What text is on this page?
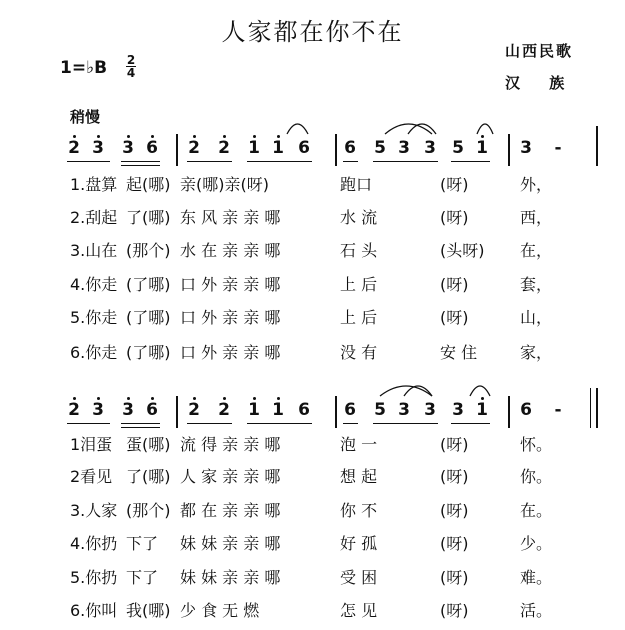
人家都在你不在
1=♭B 2
4
山西民歌
汉 族
稍慢
2 3 3 6 2 2 1 1 6 6 5 3 3 5 1 3 -
1.盘算 起(哪) 亲(哪)亲(呀)	跑口	(呀)	外，
2.刮起 了(哪) 东 风 亲 亲 哪	水 流	(呀)	西，
3.山在 (那个) 水 在 亲 亲 哪	石 头	(头呀) 在，
4.你走 (了哪) 口 外 亲 亲 哪	上 后	(呀)	套，
5.你走 (了哪) 口 外 亲 亲 哪	上 后	(呀)	山，
6.你走 (了哪) 口 外 亲 亲 哪	没 有	安 住	家，
2 3 3 6 2 2 1 1 6 6 5 3 3 3 1 6 -
1泪蛋 蛋(哪) 流 得 亲 亲 哪	泡 一	(呀)	怀。
2看见 了(哪) 人 家 亲 亲 哪	想 起	(呀)	你。
3.人家 (那个) 都 在 亲 亲 哪	你 不	(呀)	在。
4.你扔 下了 妹 妹 亲 亲 哪	好 孤	(呀)	少。
5.你扔 下了 妹 妹 亲 亲 哪	受 困	(呀)	难。
6.你叫 我(哪) 少 食 无 燃	怎 见	(呀)	活。
